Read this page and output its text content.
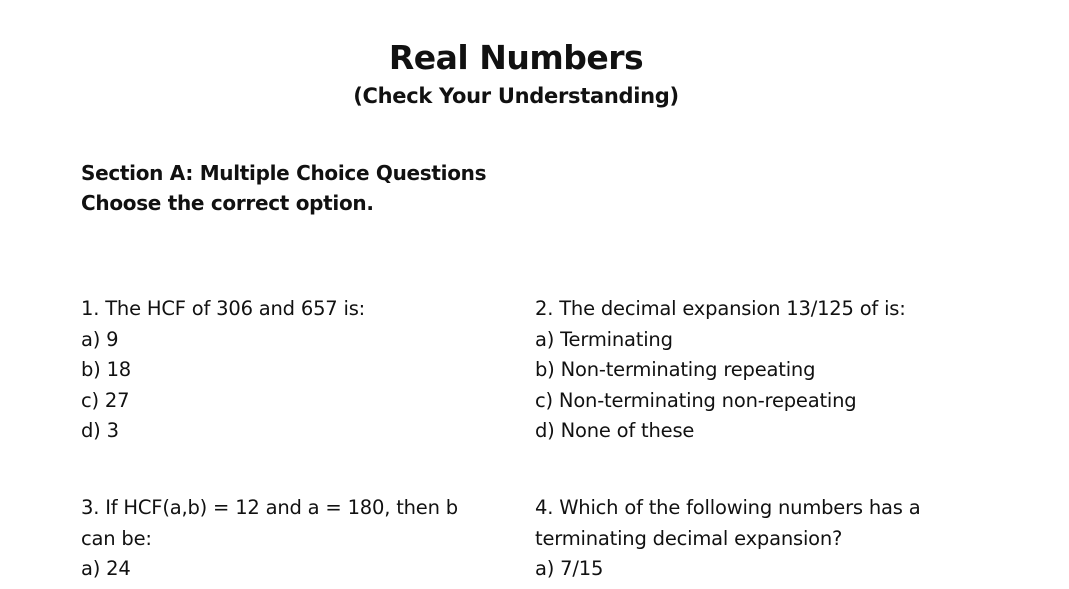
Real Numbers
(Check Your Understanding)
Section A: Multiple Choice Questions
Choose the correct option.
1. The HCF of 306 and 657 is:
a) 9
b) 18
c) 27
d) 3
2. The decimal expansion 13/125 of is:
a) Terminating
b) Non-terminating repeating
c) Non-terminating non-repeating
d) None of these
3. If HCF(a,b) = 12 and a = 180, then b
can be:
a) 24
4. Which of the following numbers has a
terminating decimal expansion?
a) 7/15
